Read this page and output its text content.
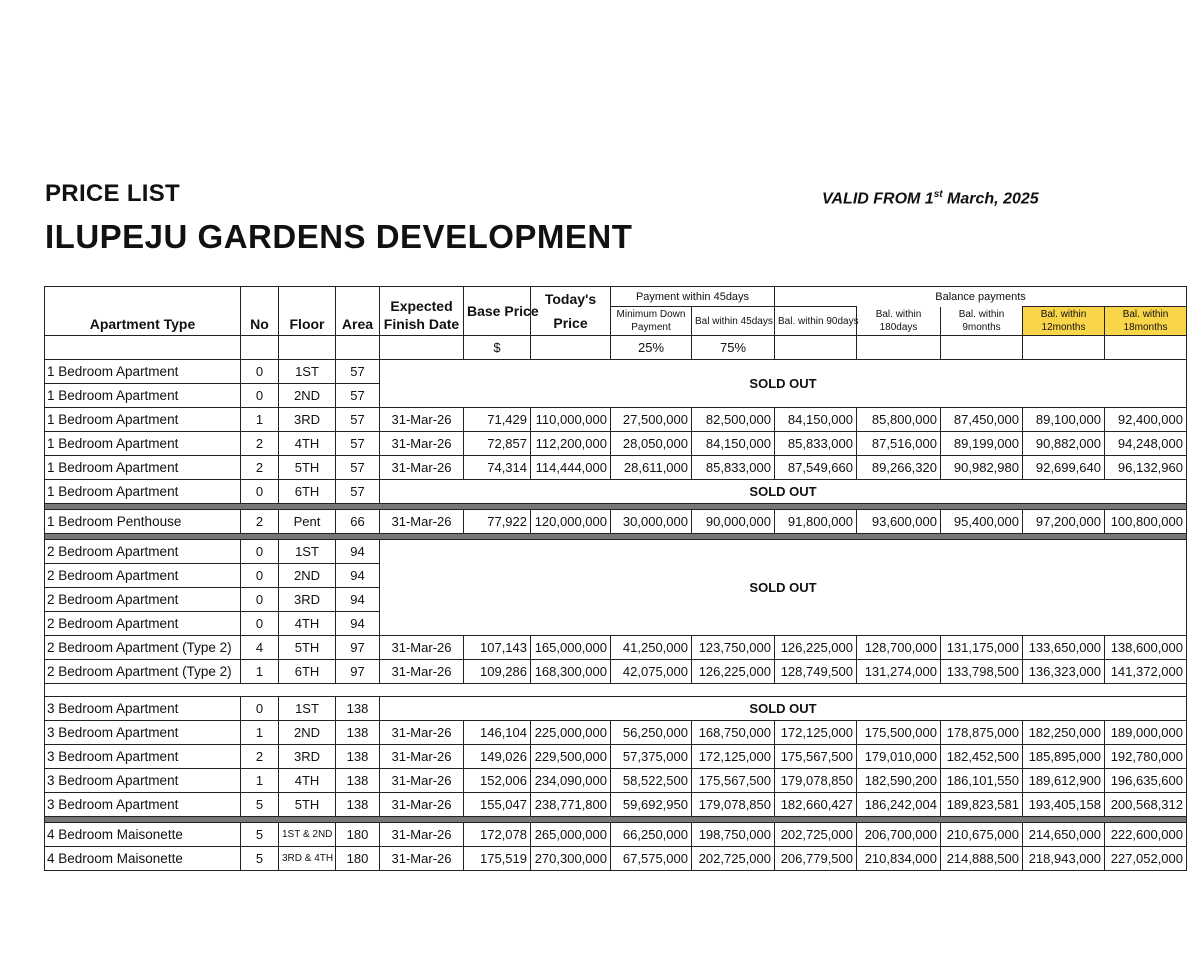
PRICE LIST
ILUPEJU GARDENS DEVELOPMENT
VALID FROM 1st March, 2025
Apartment Type	No	Floor	Area	Expected Finish Date	Base Price	Today's Price	Payment within 45days		Balance payments				
							Minimum Down Payment	Bal within 45days	Bal. within 90days	Bal. within 180days	Bal. within 9months	Bal. within 12months	Bal. within 18months

					$		25%	75%					
1 Bedroom Apartment	0	1ST	57	SOLD OUT									
1 Bedroom Apartment	0	2ND	57										
1 Bedroom Apartment	1	3RD	57	31-Mar-26	71,429	110,000,000	27,500,000	82,500,000	84,150,000	85,800,000	87,450,000	89,100,000	92,400,000
1 Bedroom Apartment	2	4TH	57	31-Mar-26	72,857	112,200,000	28,050,000	84,150,000	85,833,000	87,516,000	89,199,000	90,882,000	94,248,000
1 Bedroom Apartment	2	5TH	57	31-Mar-26	74,314	114,444,000	28,611,000	85,833,000	87,549,660	89,266,320	90,982,980	92,699,640	96,132,960
1 Bedroom Apartment	0	6TH	57	SOLD OUT									

1 Bedroom Penthouse	2	Pent	66	31-Mar-26	77,922	120,000,000	30,000,000	90,000,000	91,800,000	93,600,000	95,400,000	97,200,000	100,800,000

2 Bedroom Apartment	0	1ST	94	SOLD OUT									
2 Bedroom Apartment	0	2ND	94										
2 Bedroom Apartment	0	3RD	94										
2 Bedroom Apartment	0	4TH	94										
2 Bedroom Apartment (Type 2)	4	5TH	97	31-Mar-26	107,143	165,000,000	41,250,000	123,750,000	126,225,000	128,700,000	131,175,000	133,650,000	138,600,000
2 Bedroom Apartment (Type 2)	1	6TH	97	31-Mar-26	109,286	168,300,000	42,075,000	126,225,000	128,749,500	131,274,000	133,798,500	136,323,000	141,372,000

3 Bedroom Apartment	0	1ST	138	SOLD OUT									
3 Bedroom Apartment	1	2ND	138	31-Mar-26	146,104	225,000,000	56,250,000	168,750,000	172,125,000	175,500,000	178,875,000	182,250,000	189,000,000
3 Bedroom Apartment	2	3RD	138	31-Mar-26	149,026	229,500,000	57,375,000	172,125,000	175,567,500	179,010,000	182,452,500	185,895,000	192,780,000
3 Bedroom Apartment	1	4TH	138	31-Mar-26	152,006	234,090,000	58,522,500	175,567,500	179,078,850	182,590,200	186,101,550	189,612,900	196,635,600
3 Bedroom Apartment	5	5TH	138	31-Mar-26	155,047	238,771,800	59,692,950	179,078,850	182,660,427	186,242,004	189,823,581	193,405,158	200,568,312

4 Bedroom Maisonette	5	1ST & 2ND	180	31-Mar-26	172,078	265,000,000	66,250,000	198,750,000	202,725,000	206,700,000	210,675,000	214,650,000	222,600,000
4 Bedroom Maisonette	5	3RD & 4TH	180	31-Mar-26	175,519	270,300,000	67,575,000	202,725,000	206,779,500	210,834,000	214,888,500	218,943,000	227,052,000
